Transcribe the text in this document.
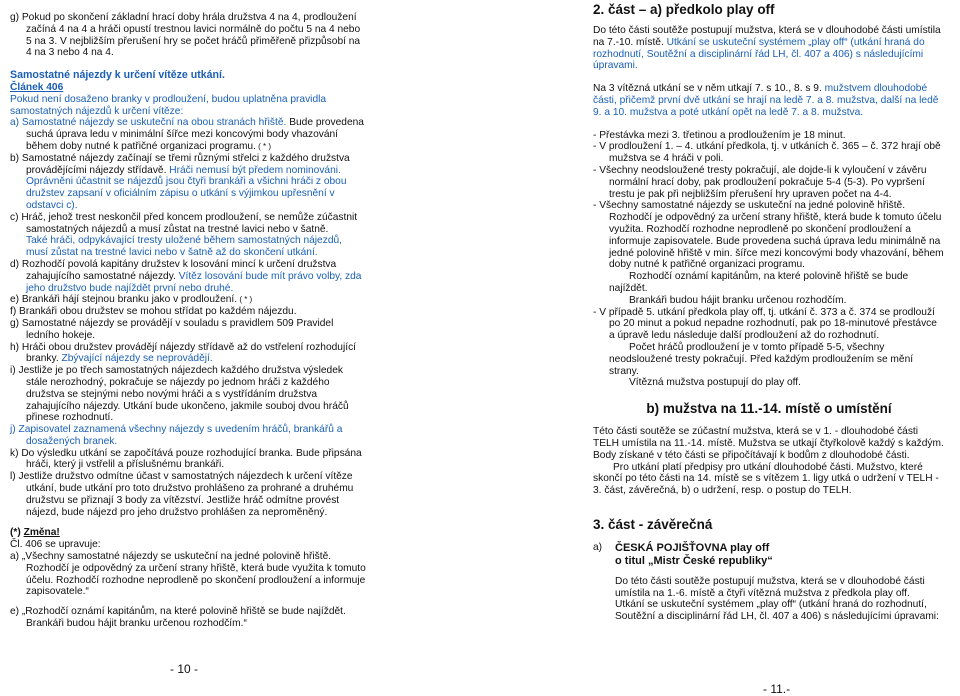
g) Pokud po skončení základní hrací doby hrála družstva 4 na 4, prodloužení začíná 4 na 4 a hráči opustí trestnou lavici normálně do počtu 5 na 4 nebo 5 na 3. V nejbližším přerušení hry se počet hráčů přiměřeně přizpůsobí na 4 na 3 nebo 4 na 4.

Samostatné nájezdy k určení vítěze utkání.

Článek 406

Pokud není dosaženo branky v prodloužení, budou uplatněna pravidla samostatných nájezdů k určení vítěze:

a) Samostatné nájezdy se uskuteční na obou stranách hřiště. Bude provedena suchá úprava ledu v minimální šířce mezi koncovými body vhazování během doby nutné k patřičné organizaci programu. ( * )

b) Samostatné nájezdy začínají se třemi různými střelci z každého družstva provádějícími nájezdy střídavě. Hráči nemusí být předem nominováni. Oprávněni účastnit se nájezdů jsou čtyři brankáři a všichni hráči z obou družstev zapsaní v oficiálním zápisu o utkání s výjimkou upřesnění v odstavci c).

c) Hráč, jehož trest neskončil před koncem prodloužení, se nemůže zúčastnit samostatných nájezdů a musí zůstat na trestné lavici nebo v šatně.

Také hráči, odpykávající tresty uložené během samostatných nájezdů, musí zůstat na trestné lavici nebo v šatně až do skončení utkání.

d) Rozhodčí povolá kapitány družstev k losování mincí k určení družstva zahajujícího samostatné nájezdy. Vítěz losování bude mít právo volby, zda jeho družstvo bude najíždět první nebo druhé.

e) Brankáři hájí stejnou branku jako v prodloužení. ( * )

f) Brankáři obou družstev se mohou střídat po každém nájezdu.

g) Samostatné nájezdy se provádějí v souladu s pravidlem 509 Pravidel ledního hokeje.

h) Hráči obou družstev provádějí nájezdy střídavě až do vstřelení rozhodující branky. Zbývající nájezdy se neprovádějí.

i) Jestliže je po třech samostatných nájezdech každého družstva výsledek stále nerozhodný, pokračuje se nájezdy po jednom hráči z každého družstva se stejnými nebo novými hráči a s vystřídáním družstva zahajujícího nájezdy. Utkání bude ukončeno, jakmile souboj dvou hráčů přinese rozhodnutí.

j) Zapisovatel zaznamená všechny nájezdy s uvedením hráčů, brankářů a dosažených branek.

k) Do výsledku utkání se započítává pouze rozhodující branka. Bude připsána hráči, který ji vstřelil a příslušnému brankáři.

l) Jestliže družstvo odmítne účast v samostatných nájezdech k určení vítěze utkání, bude utkání pro toto družstvo prohlášeno za prohrané a druhému družstvu se přiznají 3 body za vítězství. Jestliže hráč odmítne provést nájezd, bude nájezd pro jeho družstvo prohlášen za neproměněný.

(*) Změna!

Čl. 406 se upravuje:

a) „Všechny samostatné nájezdy se uskuteční na jedné polovině hřiště. Rozhodčí je odpovědný za určení strany hřiště, která bude využita k tomuto účelu. Rozhodčí rozhodne neprodleně po skončení prodloužení a informuje zapisovatele.“

e) „Rozhodčí oznámí kapitánům, na které polovině hřiště se bude najíždět. Brankáři budou hájit branku určenou rozhodčím.“

- 10 -

2. část – a) předkolo play off

Do této části soutěže postupují mužstva, která se v dlouhodobé části umístila na 7.-10. místě. Utkání se uskuteční systémem „play off“ (utkání hraná do rozhodnutí, Soutěžní a disciplinární řád LH, čl. 407 a 406) s následujícími úpravami.

Na 3 vítězná utkání se v něm utkají 7. s 10., 8. s 9. mužstvem dlouhodobé části, přičemž první dvě utkání se hrají na ledě 7. a 8. mužstva, další na ledě 9. a 10. mužstva a poté utkání opět na ledě 7. a 8. mužstva.

- Přestávka mezi 3. třetinou a prodloužením je 18 minut.

- V prodloužení 1. – 4. utkání předkola, tj. v utkáních č. 365 – č. 372 hrají obě mužstva se 4 hráči v poli.

- Všechny neodsloužené tresty pokračují, ale dojde-li k vyloučení v závěru normální hrací doby, pak prodloužení pokračuje 5-4 (5-3). Po vypršení trestu je pak při nejbližším přerušení hry upraven počet na 4-4.

- Všechny samostatné nájezdy se uskuteční na jedné polovině hřiště. Rozhodčí je odpovědný za určení strany hřiště, která bude k tomuto účelu využita. Rozhodčí rozhodne neprodleně po skončení prodloužení a informuje zapisovatele. Bude provedena suchá úprava ledu minimálně na jedné polovině hřiště v min. šířce mezi koncovými body vhazování, během doby nutné k patřičné organizaci programu.

Rozhodčí oznámí kapitánům, na které polovině hřiště se bude najíždět.

Brankáři budou hájit branku určenou rozhodčím.

- V případě 5. utkání předkola play off, tj. utkání č. 373 a č. 374 se prodlouží po 20 minut a pokud nepadne rozhodnutí, pak po 18-minutové přestávce a úpravě ledu následuje další prodloužení až do rozhodnutí.

Počet hráčů prodloužení je v tomto případě 5-5, všechny neodsloužené tresty pokračují. Před každým prodloužením se mění strany.

Vítězná mužstva postupují do play off.

b) mužstva na 11.-14. místě o umístění

Této části soutěže se zúčastní mužstva, která se v 1. - dlouhodobé části TELH umístila na 11.-14. místě. Mužstva se utkají čtyřkolově každý s každým. Body získané v této části se připočítávají k bodům z dlouhodobé části.

Pro utkání platí předpisy pro utkání dlouhodobé části. Mužstvo, které skončí po této části na 14. místě se s vítězem 1. ligy utká o udržení v TELH - 3. část, závěrečná, b) o udržení, resp. o postup do TELH.

3. část - závěrečná

a)	ČESKÁ POJIŠŤOVNA play off

o titul „Mistr České republiky“

Do této části soutěže postupují mužstva, která se v dlouhodobé části umístila na 1.-6. místě a čtyři vítězná mužstva z předkola play off.

Utkání se uskuteční systémem „play off“ (utkání hraná do rozhodnutí, Soutěžní a disciplinární řád LH, čl. 407 a 406) s následujícími úpravami:

- 11.-
